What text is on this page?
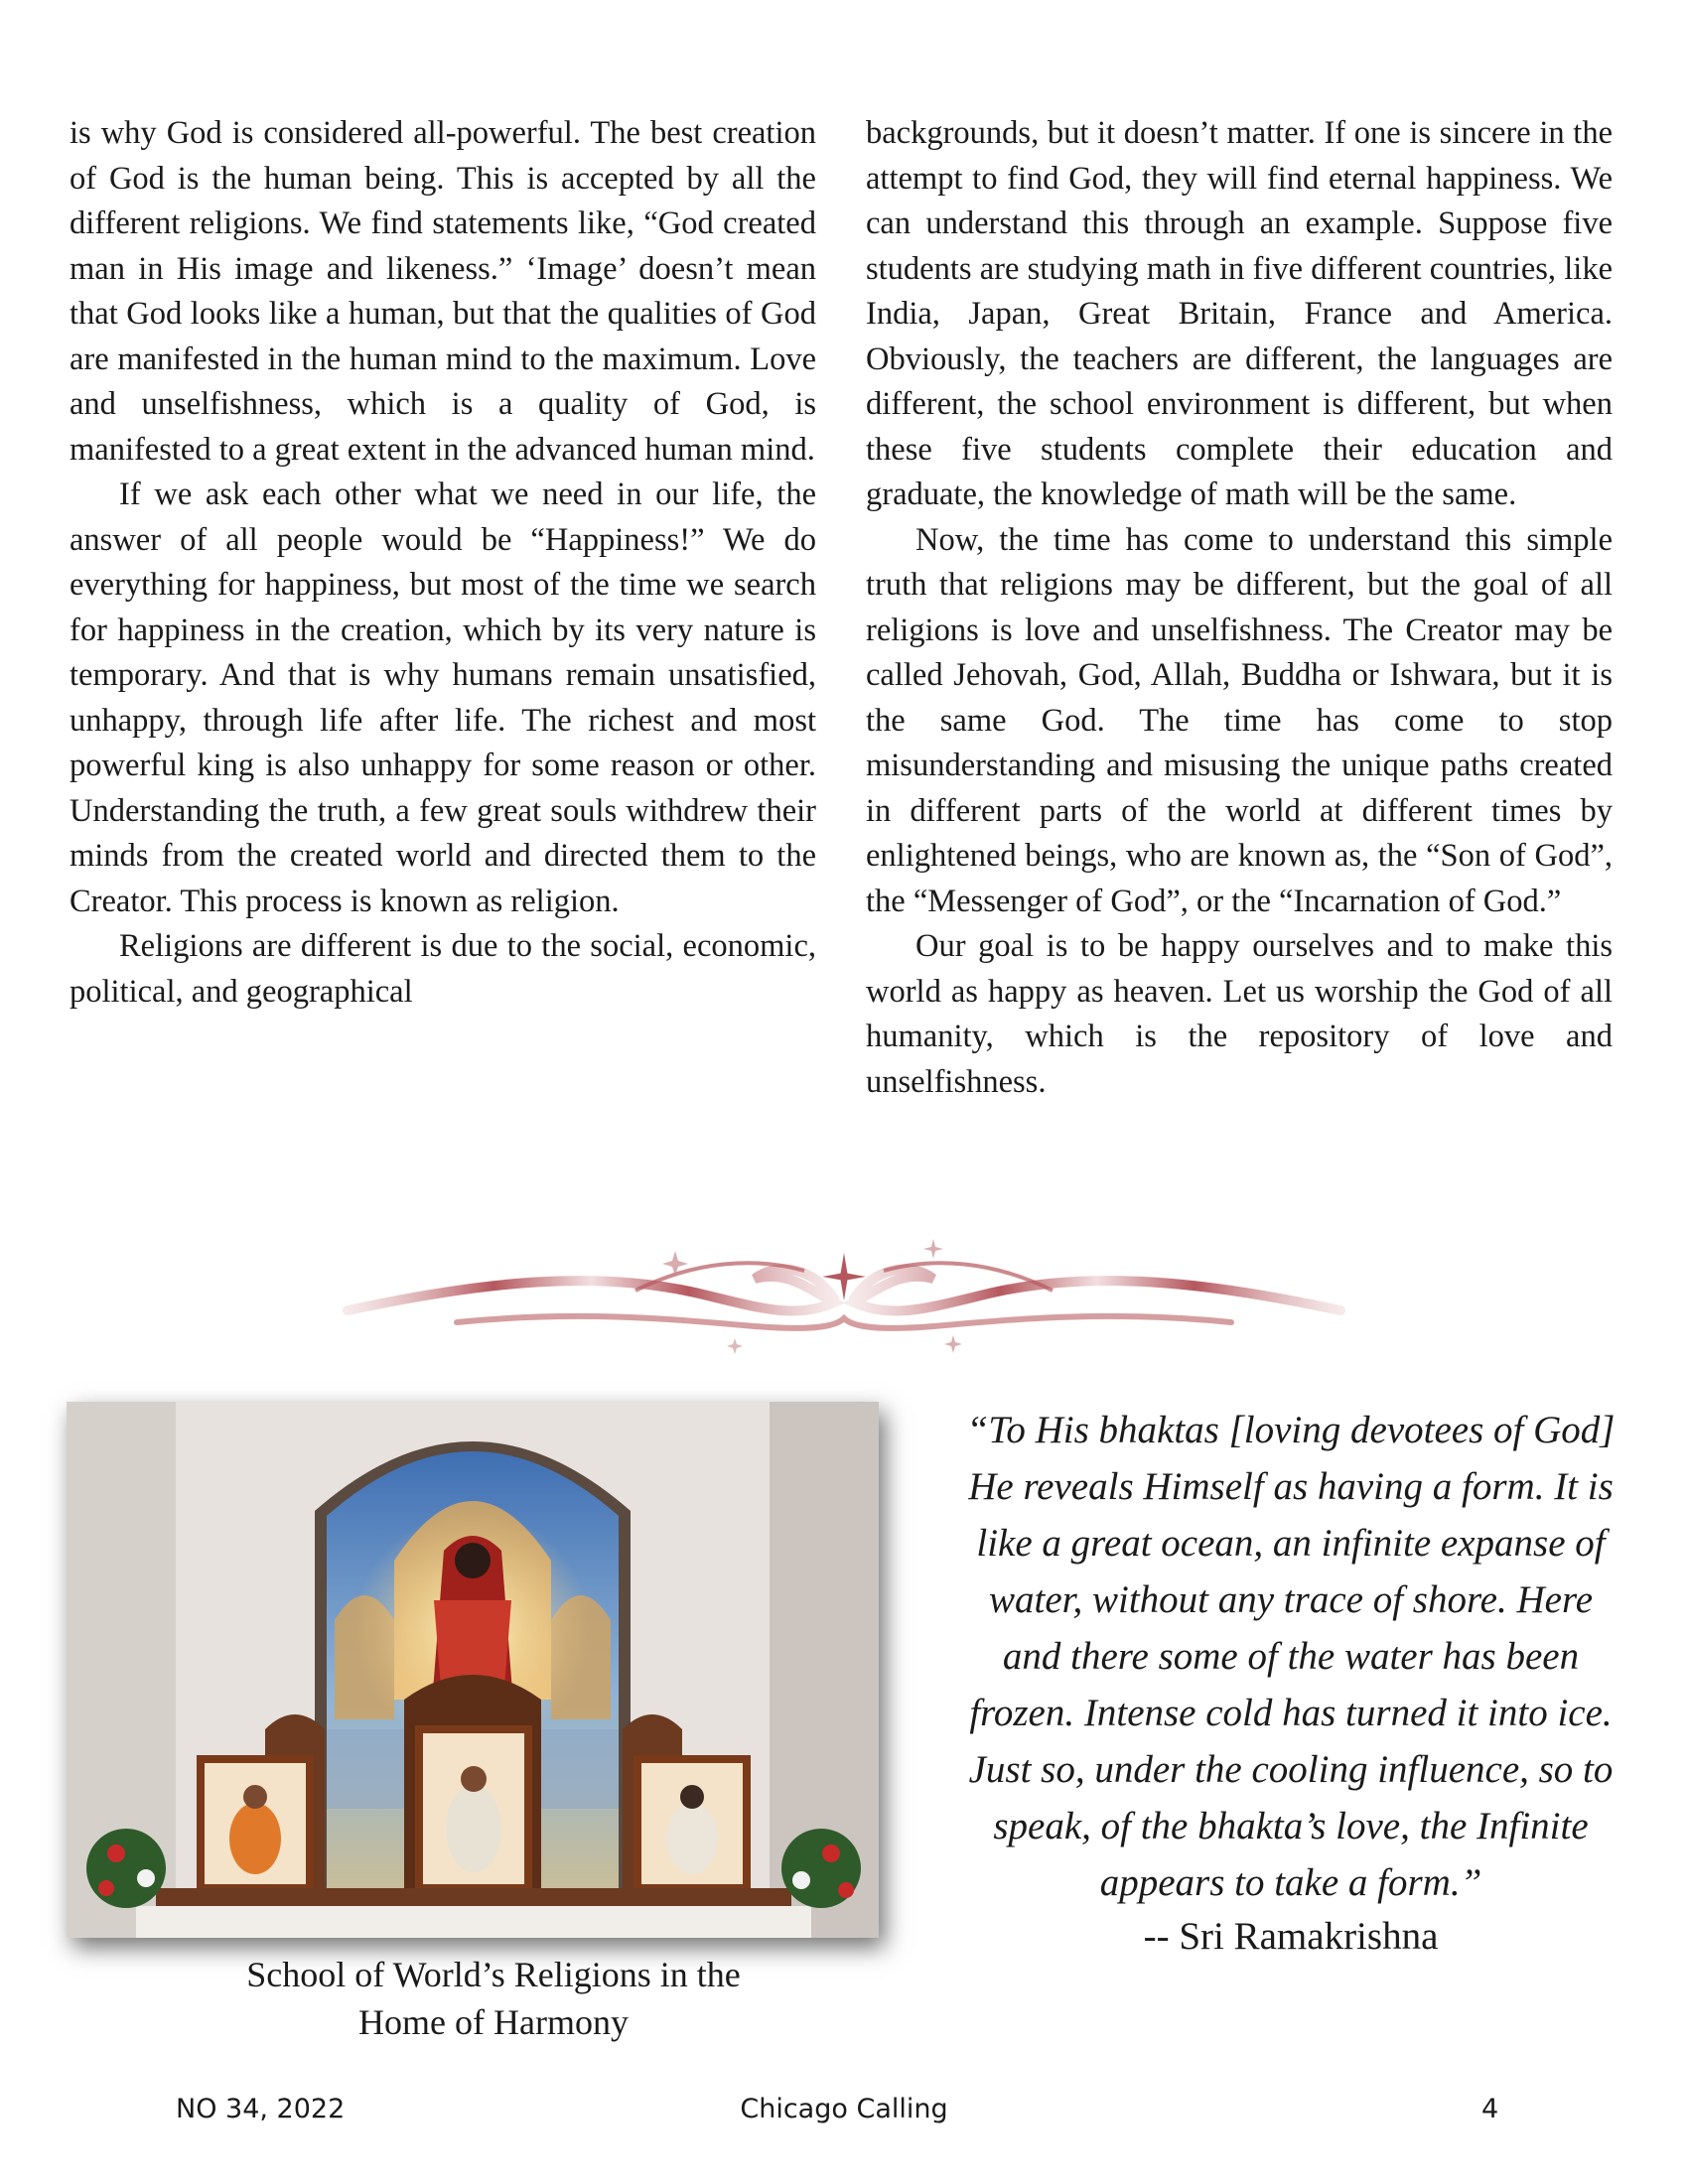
is why God is considered all-powerful. The best creation of God is the human being. This is accepted by all the different religions. We find statements like, “God created man in His image and likeness.” ‘Image’ doesn’t mean that God looks like a human, but that the qualities of God are manifested in the human mind to the maximum. Love and unselfishness, which is a quality of God, is manifested to a great extent in the advanced human mind.

If we ask each other what we need in our life, the answer of all people would be “Happiness!” We do everything for happiness, but most of the time we search for happiness in the creation, which by its very nature is temporary. And that is why humans remain unsatisfied, unhappy, through life after life. The richest and most powerful king is also unhappy for some reason or other. Understanding the truth, a few great souls withdrew their minds from the created world and directed them to the Creator. This process is known as religion.

Religions are different is due to the social, economic, political, and geographical

backgrounds, but it doesn’t matter. If one is sincere in the attempt to find God, they will find eternal happiness. We can understand this through an example. Suppose five students are studying math in five different countries, like India, Japan, Great Britain, France and America. Obviously, the teachers are different, the languages are different, the school environment is different, but when these five students complete their education and graduate, the knowledge of math will be the same.

Now, the time has come to understand this simple truth that religions may be different, but the goal of all religions is love and unselfishness. The Creator may be called Jehovah, God, Allah, Buddha or Ishwara, but it is the same God. The time has come to stop misunderstanding and misusing the unique paths created in different parts of the world at different times by enlightened beings, who are known as, the “Son of God”, the “Messenger of God”, or the “Incarnation of God.”

Our goal is to be happy ourselves and to make this world as happy as heaven. Let us worship the God of all humanity, which is the repository of love and unselfishness.

School of World’s Religions in the
Home of Harmony
“To His bhaktas [loving devotees of God]
He reveals Himself as having a form. It is
like a great ocean, an infinite expanse of
water, without any trace of shore. Here
and there some of the water has been
frozen. Intense cold has turned it into ice.
Just so, under the cooling influence, so to
speak, of the bhakta’s love, the Infinite
appears to take a form.”
-- Sri Ramakrishna
Chicago Calling
NO 34, 2022	4
